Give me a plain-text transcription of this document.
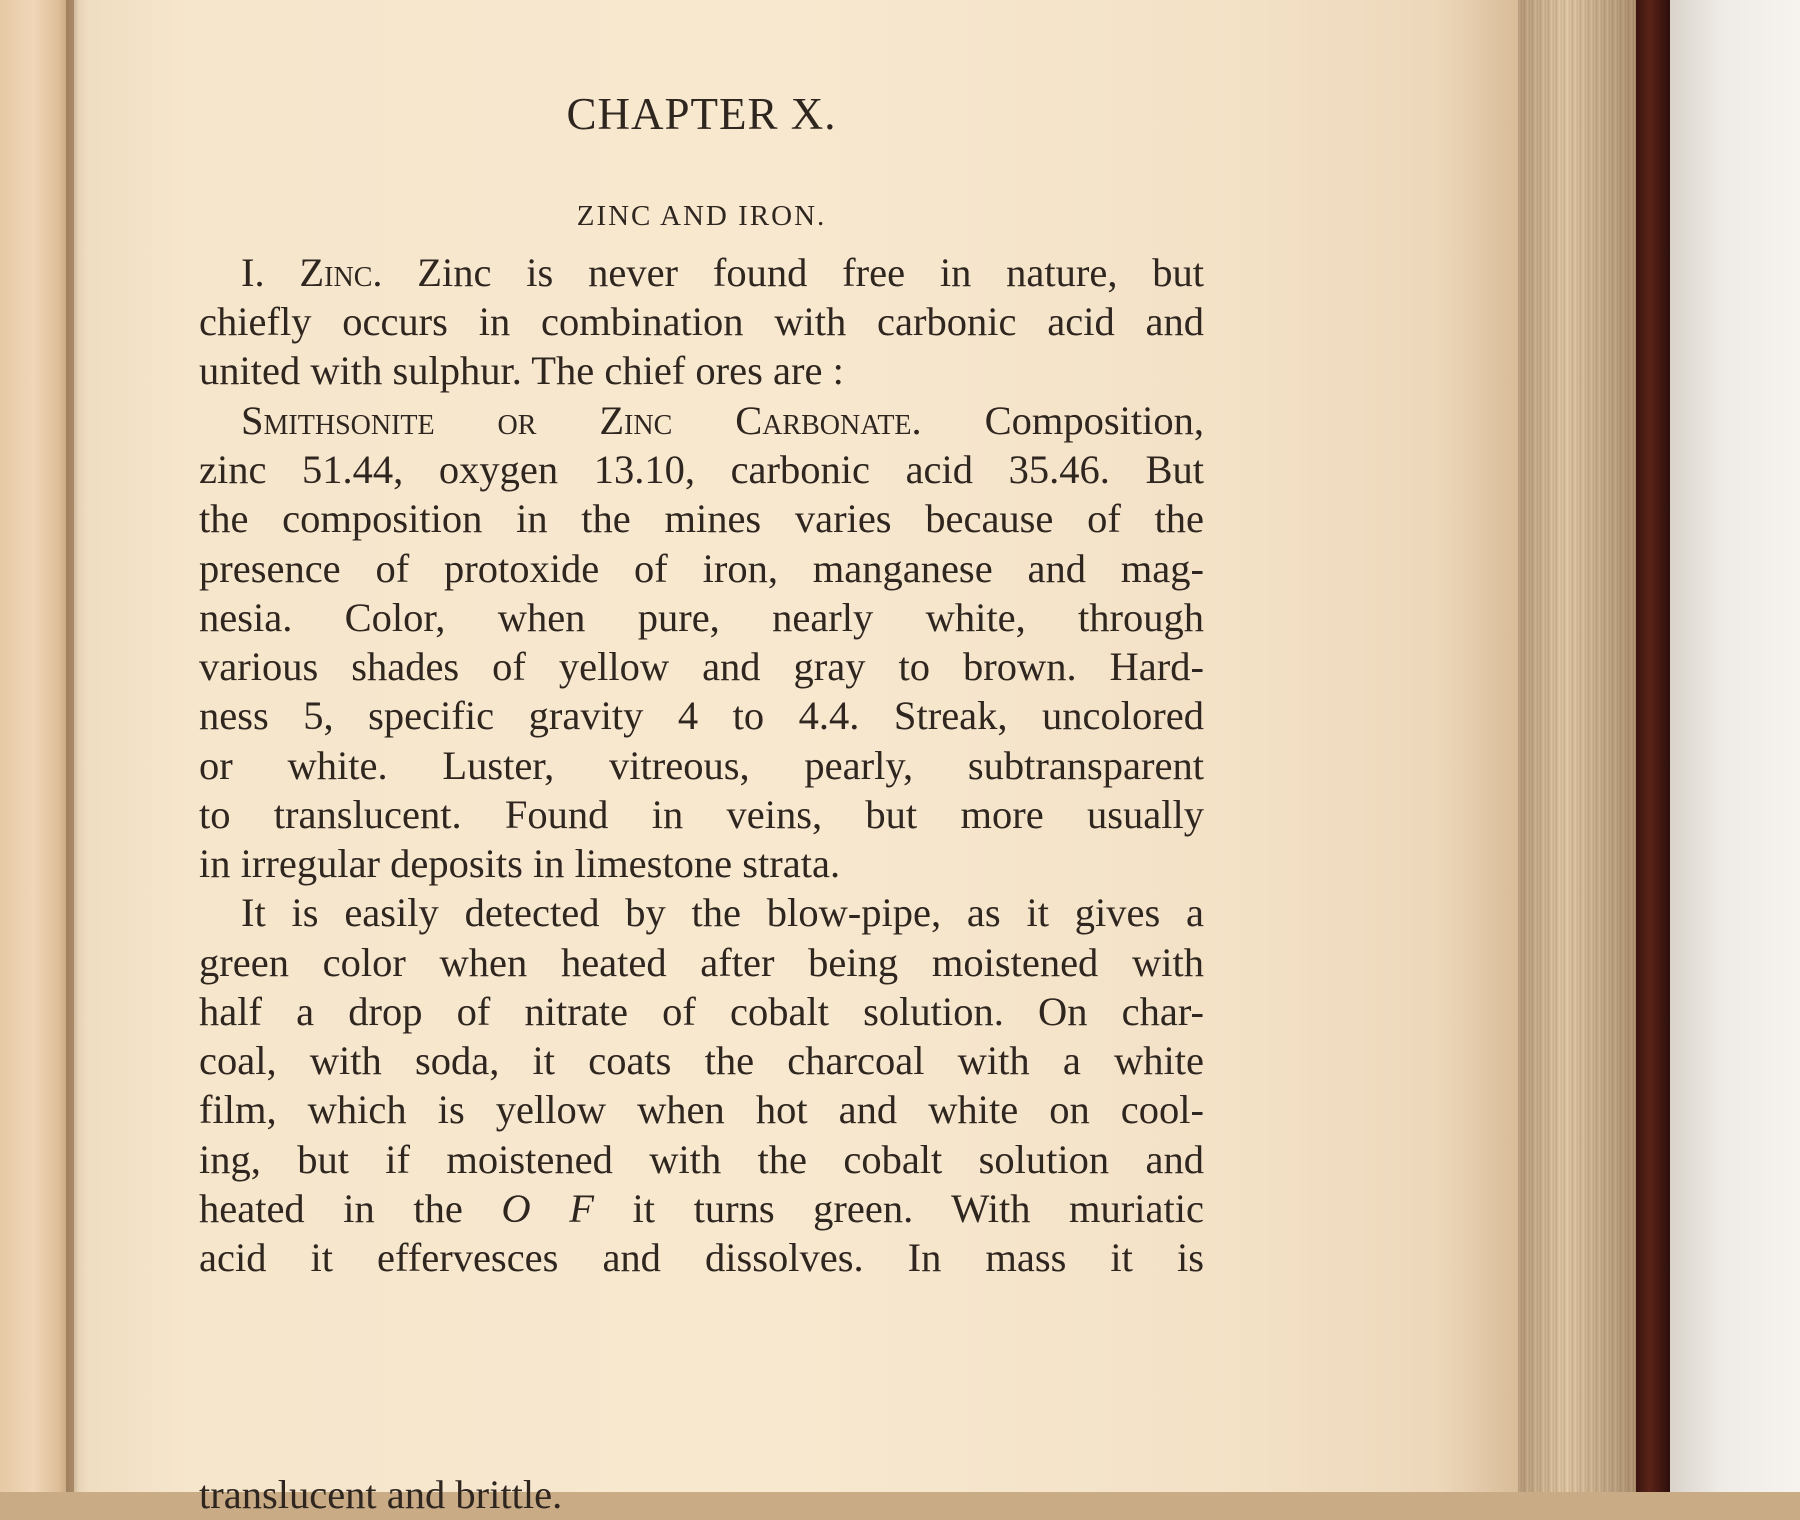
CHAPTER X.
ZINC AND IRON.

I. Zinc. Zinc is never found free in nature, but

chiefly occurs in combination with carbonic acid and

united with sulphur. The chief ores are :

Smithsonite or Zinc Carbonate. Composition,

zinc 51.44, oxygen 13.10, carbonic acid 35.46. But

the composition in the mines varies because of the

presence of protoxide of iron, manganese and mag-

nesia. Color, when pure, nearly white, through

various shades of yellow and gray to brown. Hard-

ness 5, specific gravity 4 to 4.4. Streak, uncolored

or white. Luster, vitreous, pearly, subtransparent

to translucent. Found in veins, but more usually

in irregular deposits in limestone strata.

It is easily detected by the blow-pipe, as it gives a

green color when heated after being moistened with

half a drop of nitrate of cobalt solution. On char-

coal, with soda, it coats the charcoal with a white

film, which is yellow when hot and white on cool-

ing, but if moistened with the cobalt solution and

heated in the O F it turns green. With muriatic

acid it effervesces and dissolves. In mass it is

translucent and brittle.
